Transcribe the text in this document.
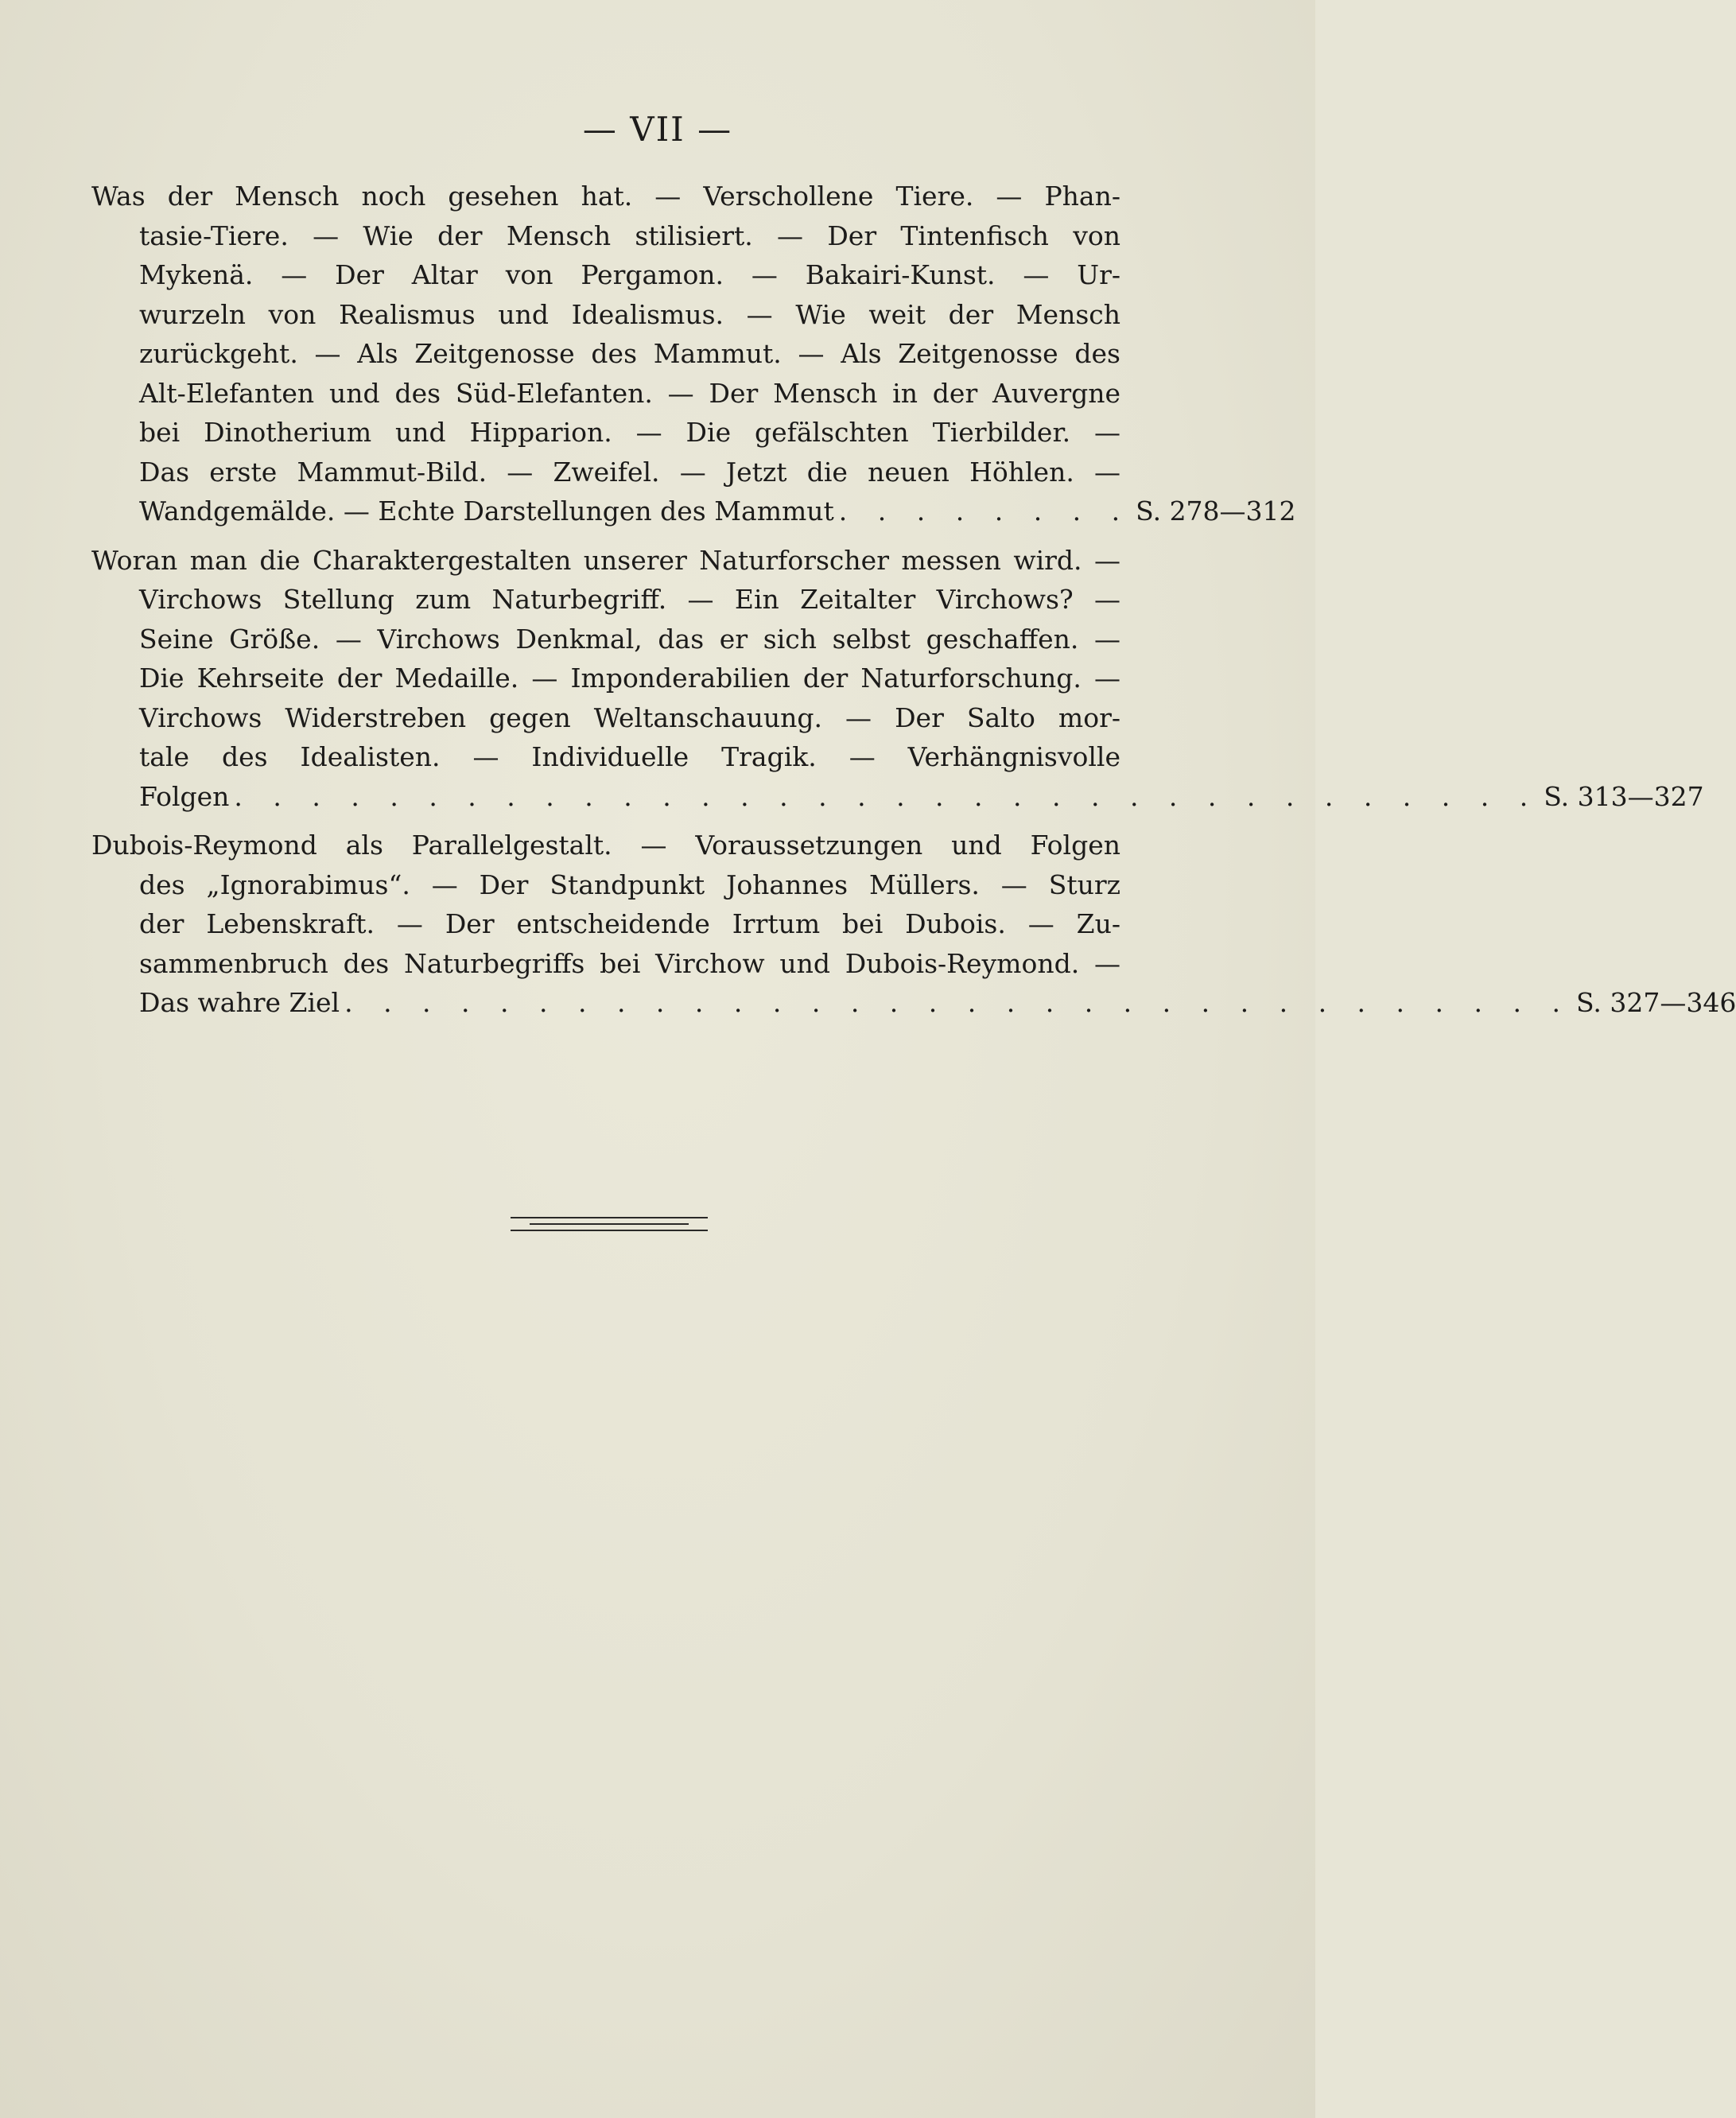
— VII —
Was der Mensch noch gesehen hat. — Verschollene Tiere. — Phan-
tasie-Tiere. — Wie der Mensch stilisiert. — Der Tintenfisch von
Mykenä. — Der Altar von Pergamon. — Bakairi-Kunst. — Ur-
wurzeln von Realismus und Idealismus. — Wie weit der Mensch
zurückgeht. — Als Zeitgenosse des Mammut. — Als Zeitgenosse des
Alt-Elefanten und des Süd-Elefanten. — Der Mensch in der Auvergne
bei Dinotherium und Hipparion. — Die gefälschten Tierbilder. —
Das erste Mammut-Bild. — Zweifel. — Jetzt die neuen Höhlen. —
Wandgemälde. — Echte Darstellungen des Mammut . . . . . . . . S. 278—312
Woran man die Charaktergestalten unserer Naturforscher messen wird. —
Virchows Stellung zum Naturbegriff. — Ein Zeitalter Virchows? —
Seine Größe. — Virchows Denkmal, das er sich selbst geschaffen. —
Die Kehrseite der Medaille. — Imponderabilien der Naturforschung. —
Virchows Widerstreben gegen Weltanschauung. — Der Salto mor-
tale des Idealisten. — Individuelle Tragik. — Verhängnisvolle
Folgen . . . . . . . . . . . . . . . . . . . . . . . . . . . . . . . . . . S. 313—327
Dubois-Reymond als Parallelgestalt. — Voraussetzungen und Folgen
des „Ignorabimus“. — Der Standpunkt Johannes Müllers. — Sturz
der Lebenskraft. — Der entscheidende Irrtum bei Dubois. — Zu-
sammenbruch des Naturbegriffs bei Virchow und Dubois-Reymond. —
Das wahre Ziel . . . . . . . . . . . . . . . . . . . . . . . . . . . . . . . . S. 327—346
